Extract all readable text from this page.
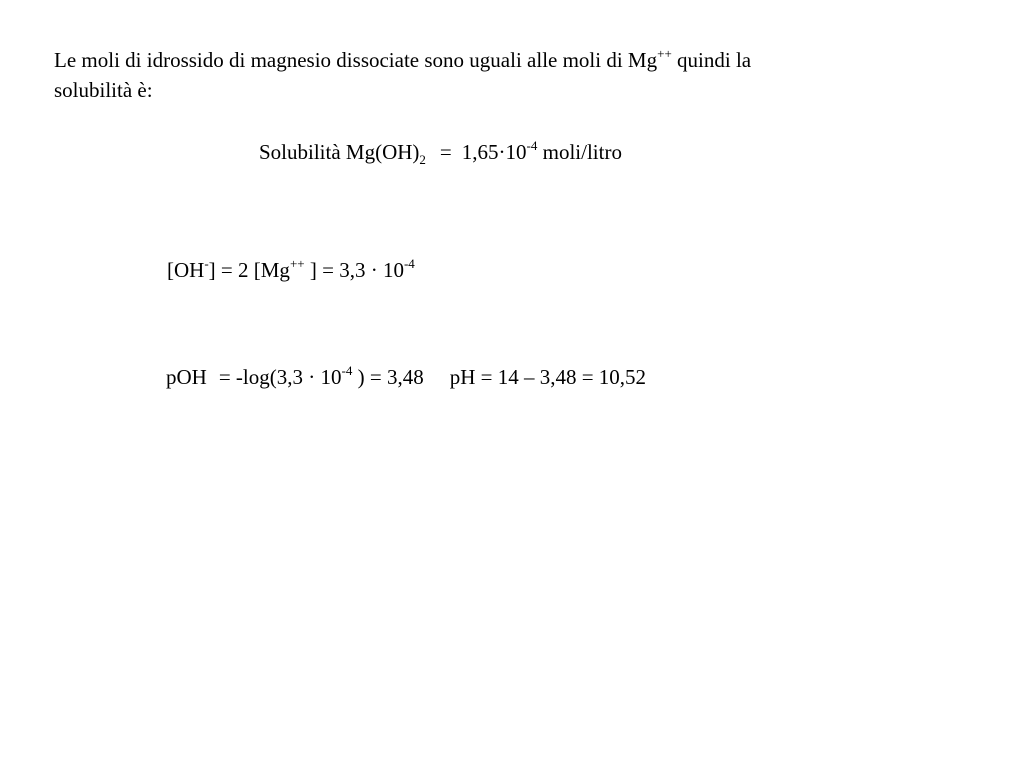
Le moli di idrossido di magnesio dissociate sono uguali alle moli di Mg++ quindi la
solubilità è:
Solubilità $Mg(OH)_2 = 1,65\cdot 10^{-4}$ moli/litro
[OH-] = 2 [Mg++ ] = $3,3 \cdot 10^{-4}$
pOH = $-\log(3,3 \cdot 10^{-4}$ ) = 3,48 pH = 14 – 3,48 = 10,52
